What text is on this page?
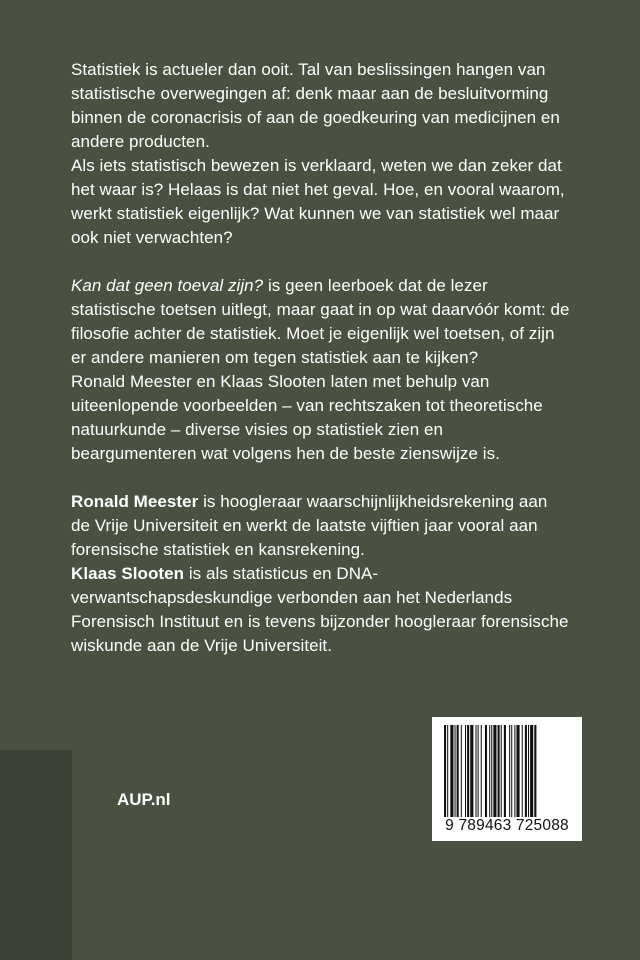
Statistiek is actueler dan ooit. Tal van beslissingen hangen van statistische overwegingen af: denk maar aan de besluitvorming binnen de coronacrisis of aan de goedkeuring van medicijnen en andere producten.

Als iets statistisch bewezen is verklaard, weten we dan zeker dat het waar is? Helaas is dat niet het geval. Hoe, en vooral waarom, werkt statistiek eigenlijk? Wat kunnen we van statistiek wel maar ook niet verwachten?

Kan dat geen toeval zijn? is geen leerboek dat de lezer statistische toetsen uitlegt, maar gaat in op wat daarvóór komt: de filosofie achter de statistiek. Moet je eigenlijk wel toetsen, of zijn er andere manieren om tegen statistiek aan te kijken?

Ronald Meester en Klaas Slooten laten met behulp van uiteenlopende voorbeelden – van rechtszaken tot theoretische natuurkunde – diverse visies op statistiek zien en beargumenteren wat volgens hen de beste zienswijze is.

Ronald Meester is hoogleraar waarschijnlijkheidsrekening aan de Vrije Universiteit en werkt de laatste vijftien jaar vooral aan forensische statistiek en kansrekening.

Klaas Slooten is als statisticus en DNA-verwantschapsdeskundige verbonden aan het Nederlands Forensisch Instituut en is tevens bijzonder hoogleraar forensische wiskunde aan de Vrije Universiteit.

AUP.nl
9 789463 725088
